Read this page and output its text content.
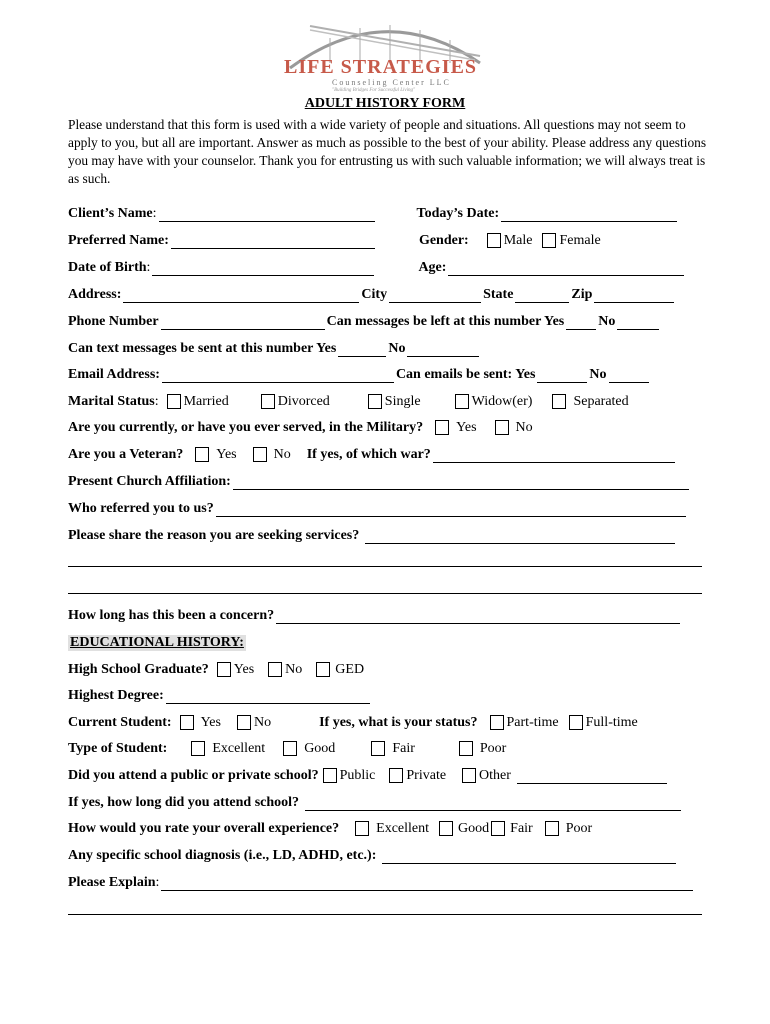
LIFE STRATEGIES
Counseling Center LLC
"Building Bridges For Successful Living"
ADULT HISTORY FORM
Please understand that this form is used with a wide variety of people and situations. All questions may not seem to apply to you, but all are important. Answer as much as possible to the best of your ability. Please address any questions you may have with your counselor. Thank you for entrusting us with such valuable information; we will always treat is as such.
Client’s Name :	Today’s Date:
Preferred Name:	Gender:	Male Female
Date of Birth :	Age:
Address:	City	State	Zip
Phone Number	Can messages be left at this number Yes No
Can text messages be sent at this number Yes	No
Email Address:	Can emails be sent: Yes	No
Marital Status : Married	Divorced	Single	Widow(er)	Separated
Are you currently, or have you ever served, in the Military? Yes	No
Are you a Veteran? Yes	No If yes, of which war?
Present Church Affiliation:
Who referred you to us?
Please share the reason you are seeking services?
How long has this been a concern?
EDUCATIONAL HISTORY:
High School Graduate? Yes No GED
Highest Degree:
Current Student: Yes No	If yes, what is your status? Part-time Full-time
Type of Student:	Excellent	Good	Fair	Poor
Did you attend a public or private school? Public Private Other
If yes, how long did you attend school?
How would you rate your overall experience?	Excellent Good Fair Poor
Any specific school diagnosis (i.e., LD, ADHD, etc.):
Please Explain :
